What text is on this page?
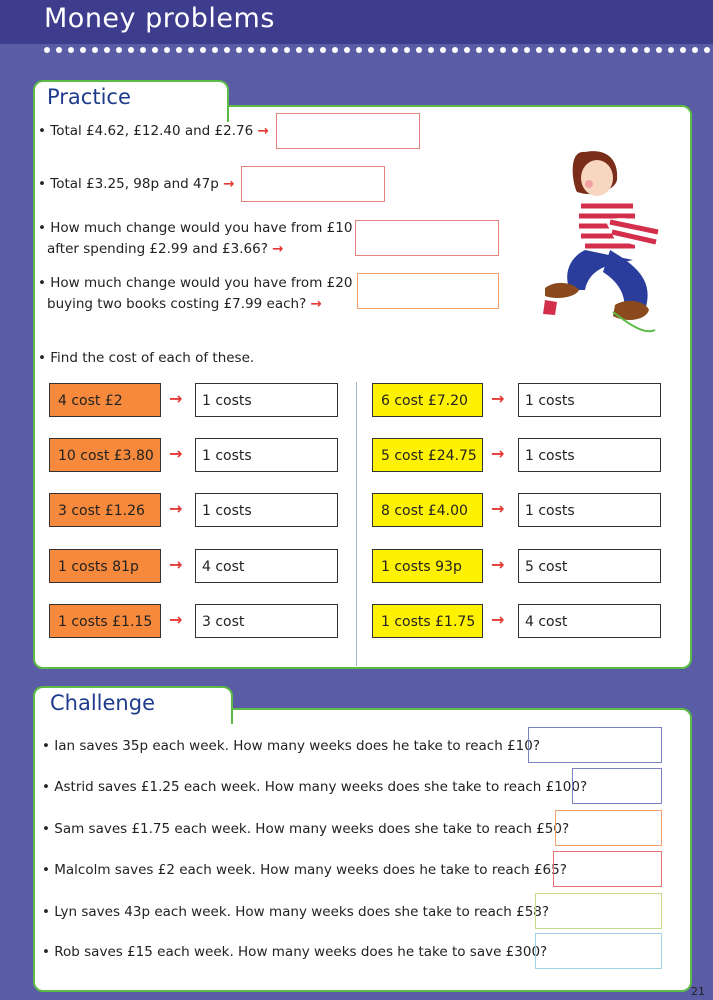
Money problems
Practice
• Total £4.62, £12.40 and £2.76 →
• Total £3.25, 98p and 47p →
• How much change would you have from £10
after spending £2.99 and £3.66? →
• How much change would you have from £20
buying two books costing £7.99 each? →
• Find the cost of each of these.
4 cost £2	→	1 costs
10 cost £3.80 →	1 costs
3 cost £1.26	→	1 costs
1 costs 81p	→	4 cost
1 costs £1.15	→	3 cost
6 cost £7.20	→	1 costs
5 cost £24.75 →	1 costs
8 cost £4.00	→	1 costs
1 costs 93p	→	5 cost
1 costs £1.75 →	4 cost
Challenge
• Ian saves 35p each week. How many weeks does he take to reach £10?
• Astrid saves £1.25 each week. How many weeks does she take to reach £100?
• Sam saves £1.75 each week. How many weeks does she take to reach £50?
• Malcolm saves £2 each week. How many weeks does he take to reach £65?
• Lyn saves 43p each week. How many weeks does she take to reach £58?
• Rob saves £15 each week. How many weeks does he take to save £300?
21
